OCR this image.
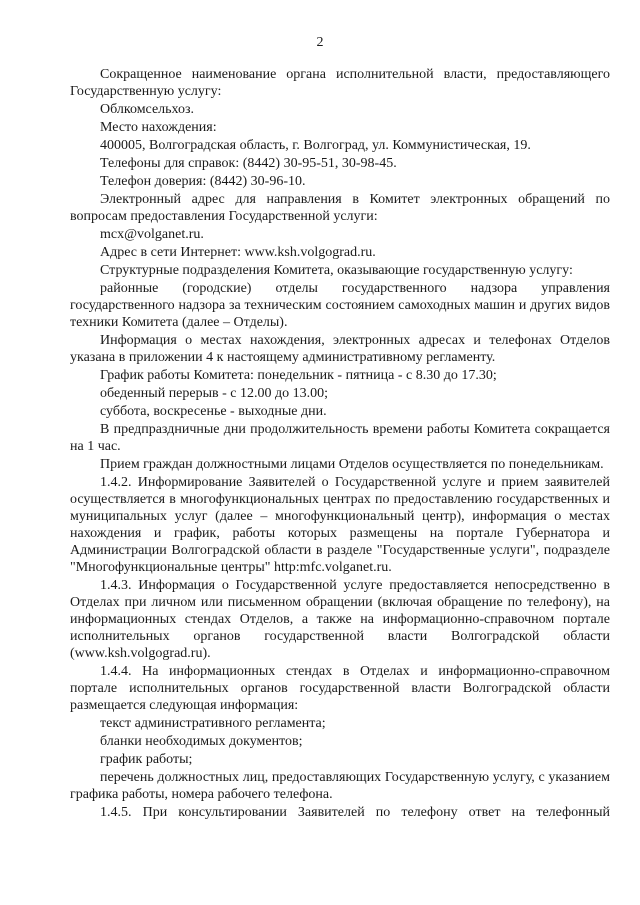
2

Сокращенное наименование органа исполнительной власти, предоставляющего Государственную услугу:

Облкомсельхоз.

Место нахождения:

400005, Волгоградская область, г. Волгоград, ул. Коммунистическая, 19.

Телефоны для справок: (8442) 30-95-51, 30-98-45.

Телефон доверия: (8442) 30-96-10.

Электронный адрес для направления в Комитет электронных обращений по вопросам предоставления Государственной услуги:

mcx@volganet.ru.

Адрес в сети Интернет: www.ksh.volgograd.ru.

Структурные подразделения Комитета, оказывающие государственную услугу:

районные (городские) отделы государственного надзора управления государственного надзора за техническим состоянием самоходных машин и других видов техники Комитета (далее – Отделы).

Информация о местах нахождения, электронных адресах и телефонах Отделов указана в приложении 4 к настоящему административному регламенту.

График работы Комитета: понедельник - пятница - с 8.30 до 17.30;

обеденный перерыв - с 12.00 до 13.00;

суббота, воскресенье - выходные дни.

В предпраздничные дни продолжительность времени работы Комитета сокращается на 1 час.

Прием граждан должностными лицами Отделов осуществляется по понедельникам.

1.4.2. Информирование Заявителей о Государственной услуге и прием заявителей осуществляется в многофункциональных центрах по предоставлению государственных и муниципальных услуг (далее – многофункциональный центр), информация о местах нахождения и график, работы которых размещены на портале Губернатора и Администрации Волгоградской области в разделе "Государственные услуги", подразделе "Многофункциональные центры" http:mfc.volganet.ru.

1.4.3. Информация о Государственной услуге предоставляется непосредственно в Отделах при личном или письменном обращении (включая обращение по телефону), на информационных стендах Отделов, а также на информационно-справочном портале исполнительных органов государственной власти Волгоградской области (www.ksh.volgograd.ru).

1.4.4. На информационных стендах в Отделах и информационно-справочном портале исполнительных органов государственной власти Волгоградской области размещается следующая информация:

текст административного регламента;

бланки необходимых документов;

график работы;

перечень должностных лиц, предоставляющих Государственную услугу, с указанием графика работы, номера рабочего телефона.

1.4.5. При консультировании Заявителей по телефону ответ на телефонный
